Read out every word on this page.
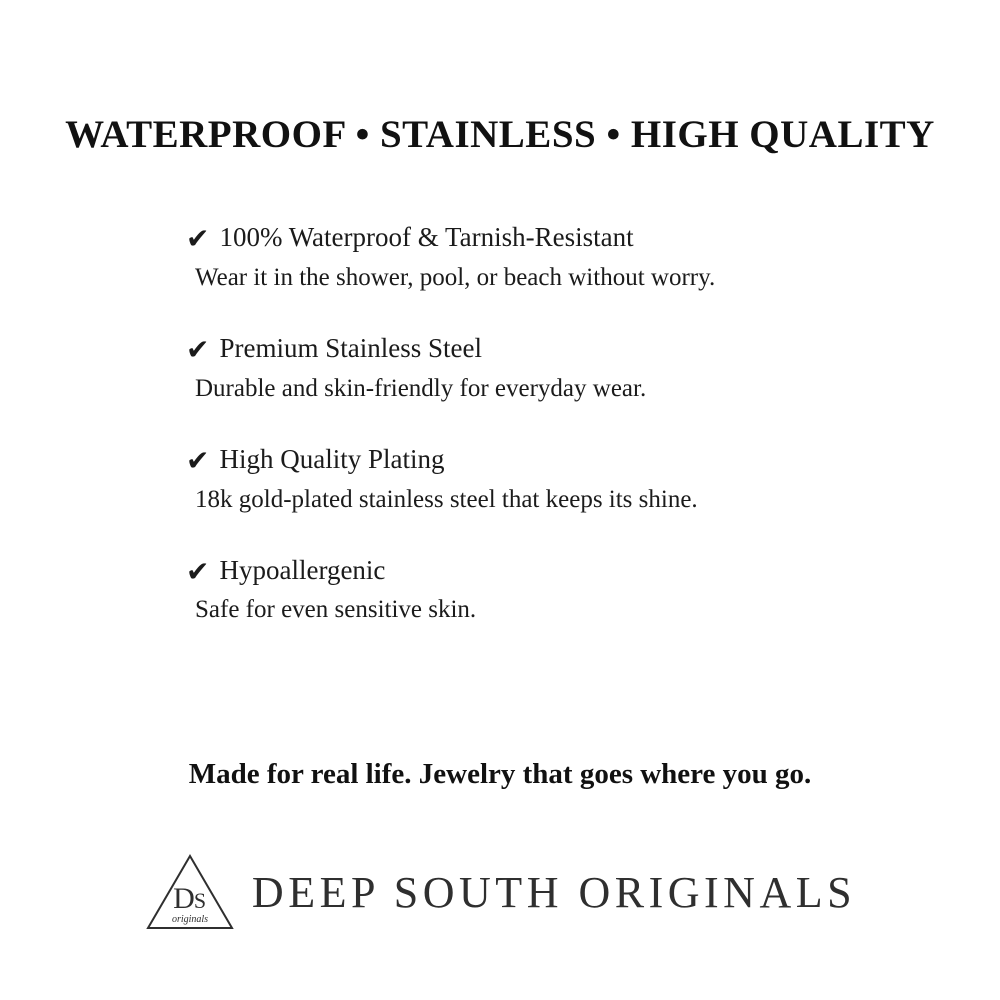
WATERPROOF • STAINLESS • HIGH QUALITY
✔ 100% Waterproof & Tarnish-Resistant
Wear it in the shower, pool, or beach without worry.
✔ Premium Stainless Steel
Durable and skin-friendly for everyday wear.
✔ High Quality Plating
18k gold-plated stainless steel that keeps its shine.
✔ Hypoallergenic
Safe for even sensitive skin.
Made for real life. Jewelry that goes where you go.
D S
originals
DEEP SOUTH ORIGINALS
